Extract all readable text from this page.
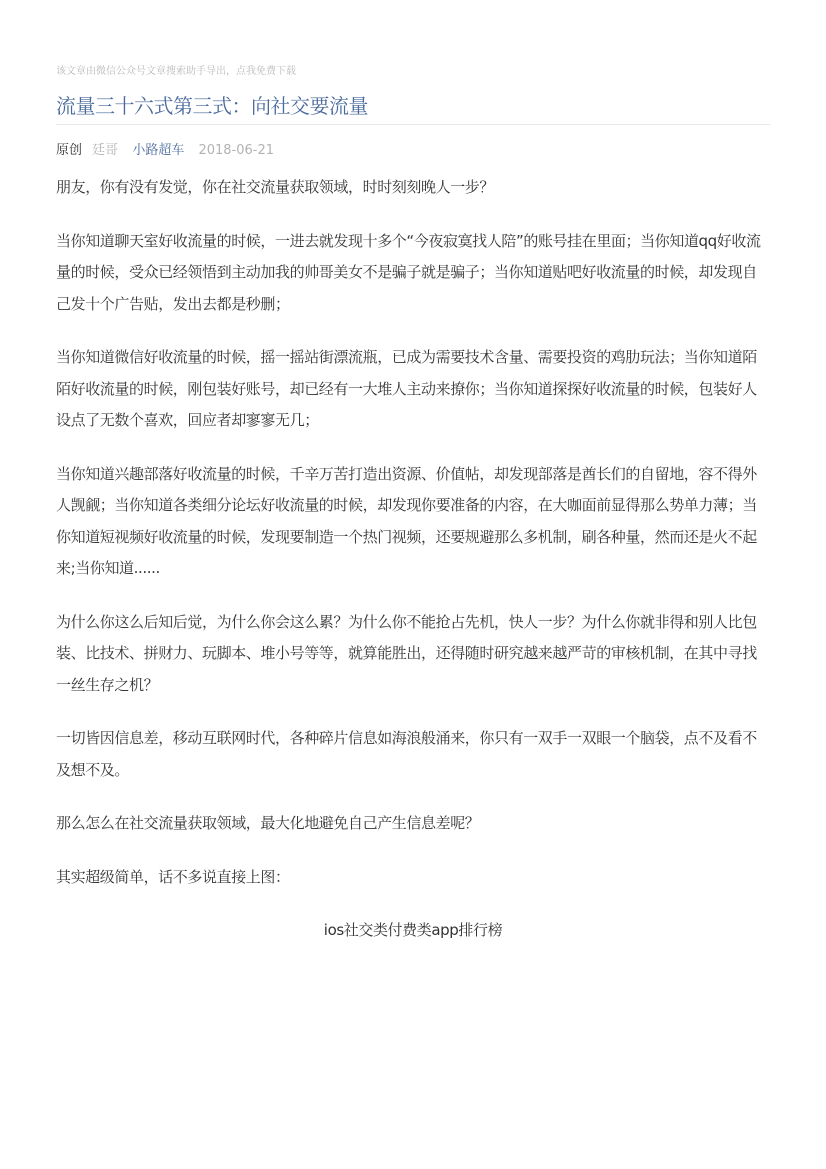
该文章由微信公众号文章搜索助手导出，点我免费下载
流量三十六式第三式：向社交要流量
原创 廷哥 小路超车 2018-06-21

朋友，你有没有发觉，你在社交流量获取领域，时时刻刻晚人一步？

当你知道聊天室好收流量的时候，一进去就发现十多个“今夜寂寞找人陪”的账号挂在里面；当你知道qq好收流量的时候，受众已经领悟到主动加我的帅哥美女不是骗子就是骗子；当你知道贴吧好收流量的时候，却发现自己发十个广告贴，发出去都是秒删；

当你知道微信好收流量的时候，摇一摇站街漂流瓶，已成为需要技术含量、需要投资的鸡肋玩法；当你知道陌陌好收流量的时候，刚包装好账号，却已经有一大堆人主动来撩你；当你知道探探好收流量的时候，包装好人设点了无数个喜欢，回应者却寥寥无几；

当你知道兴趣部落好收流量的时候，千辛万苦打造出资源、价值帖，却发现部落是酋长们的自留地，容不得外人觊觎；当你知道各类细分论坛好收流量的时候，却发现你要准备的内容，在大咖面前显得那么势单力薄；当你知道短视频好收流量的时候，发现要制造一个热门视频，还要规避那么多机制，刷各种量，然而还是火不起来;当你知道......

为什么你这么后知后觉，为什么你会这么累？为什么你不能抢占先机，快人一步？为什么你就非得和别人比包装、比技术、拼财力、玩脚本、堆小号等等，就算能胜出，还得随时研究越来越严苛的审核机制，在其中寻找一丝生存之机？

一切皆因信息差，移动互联网时代，各种碎片信息如海浪般涌来，你只有一双手一双眼一个脑袋，点不及看不及想不及。

那么怎么在社交流量获取领域，最大化地避免自己产生信息差呢？

其实超级简单，话不多说直接上图：

ios社交类付费类app排行榜
